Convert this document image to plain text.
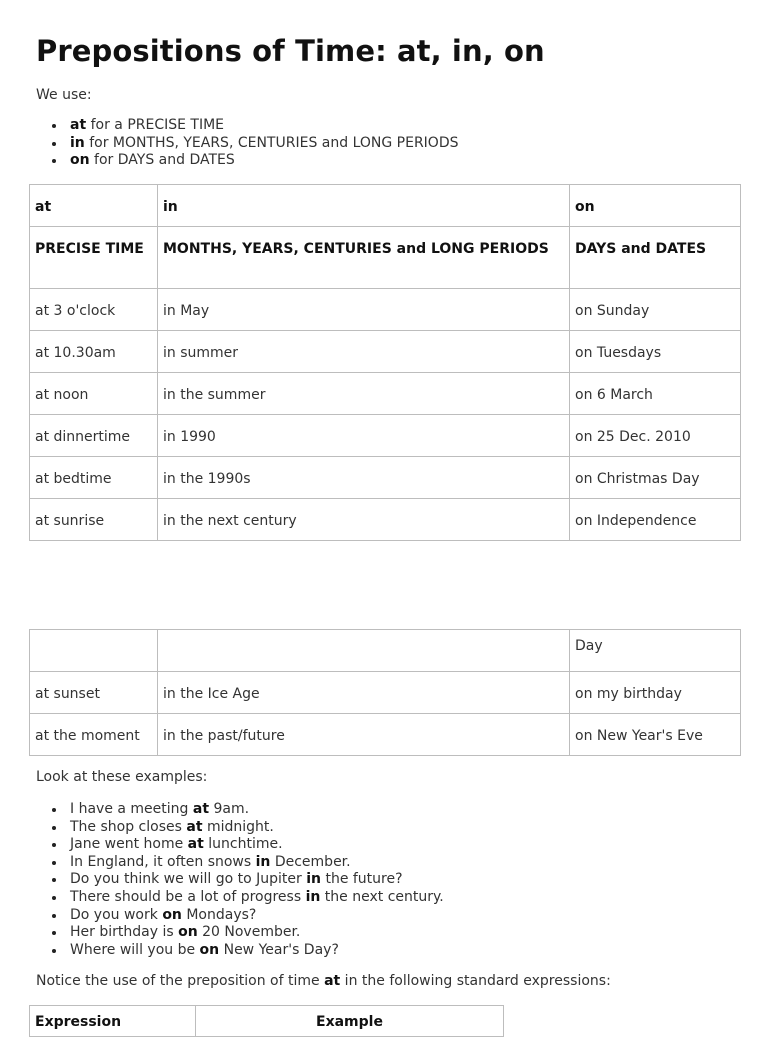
Prepositions of Time: at, in, on

We use:

at for a PRECISE TIME
in for MONTHS, YEARS, CENTURIES and LONG PERIODS
on for DAYS and DATES
at	in	on
PRECISE TIME	MONTHS, YEARS, CENTURIES and LONG PERIODS	DAYS and DATES
at 3 o'clock	in May	on Sunday
at 10.30am	in summer	on Tuesdays
at noon	in the summer	on 6 March
at dinnertime	in 1990	on 25 Dec. 2010
at bedtime	in the 1990s	on Christmas Day
at sunrise	in the next century	on Independence
		Day
at sunset	in the Ice Age	on my birthday
at the moment	in the past/future	on New Year's Eve

Look at these examples:

I have a meeting at 9am.
The shop closes at midnight.
Jane went home at lunchtime.
In England, it often snows in December.
Do you think we will go to Jupiter in the future?
There should be a lot of progress in the next century.
Do you work on Mondays?
Her birthday is on 20 November.
Where will you be on New Year's Day?

Notice the use of the preposition of time at in the following standard expressions:

Expression	Example
